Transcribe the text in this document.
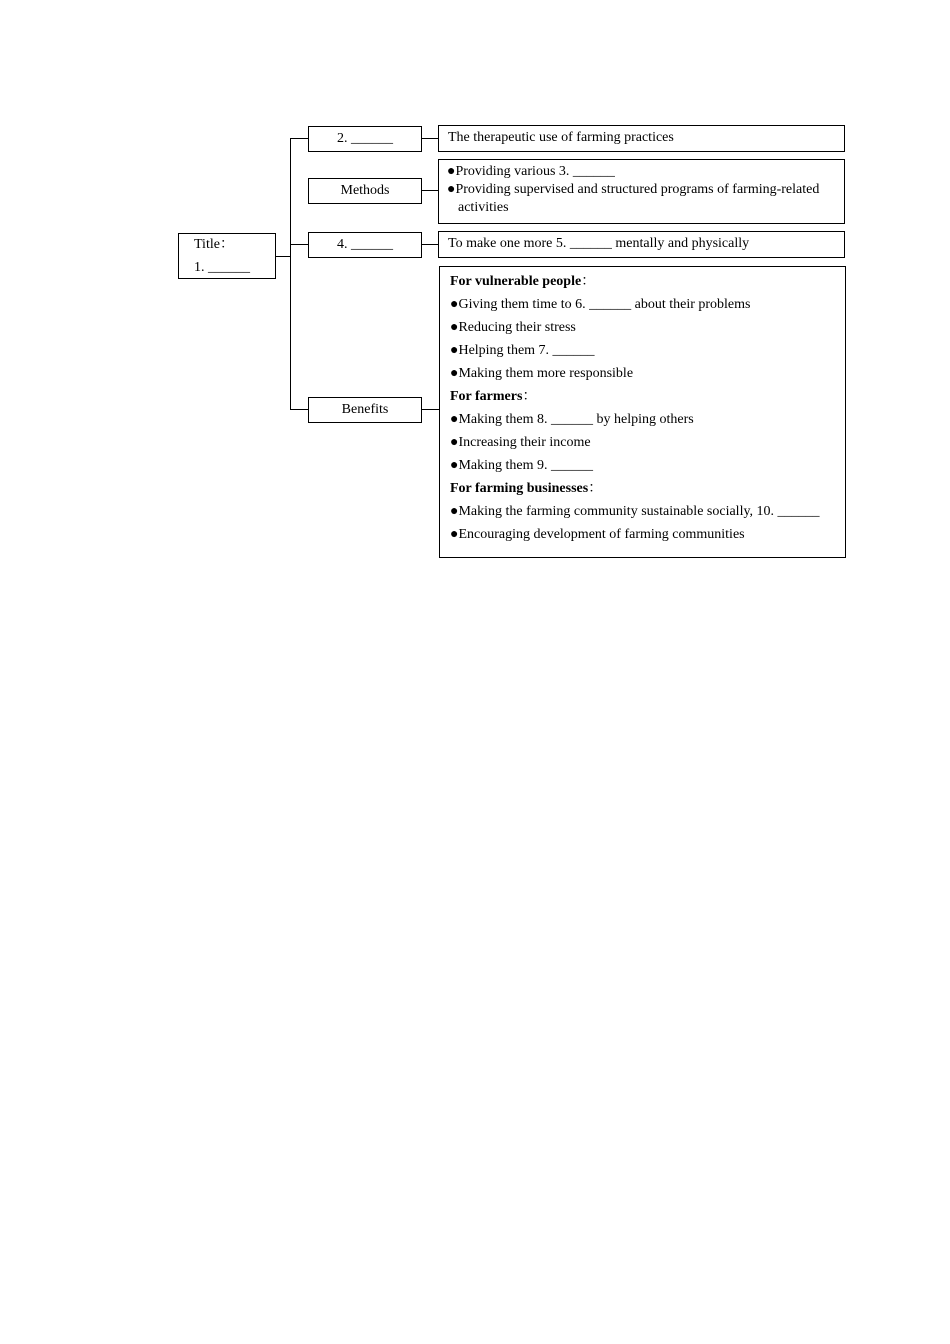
Title：
1. ______
2. ______	The therapeutic use of farming practices
Methods
●Providing various 3. ______
●Providing supervised and structured programs of farming-related
activities
4. ______	To make one more 5. ______ mentally and physically
Benefits
For vulnerable people：
●Giving them time to 6. ______ about their problems
●Reducing their stress
●Helping them 7. ______
●Making them more responsible
For farmers：
●Making them 8. ______ by helping others
●Increasing their income
●Making them 9. ______
For farming businesses：
●Making the farming community sustainable socially, 10. ______
●Encouraging development of farming communities
